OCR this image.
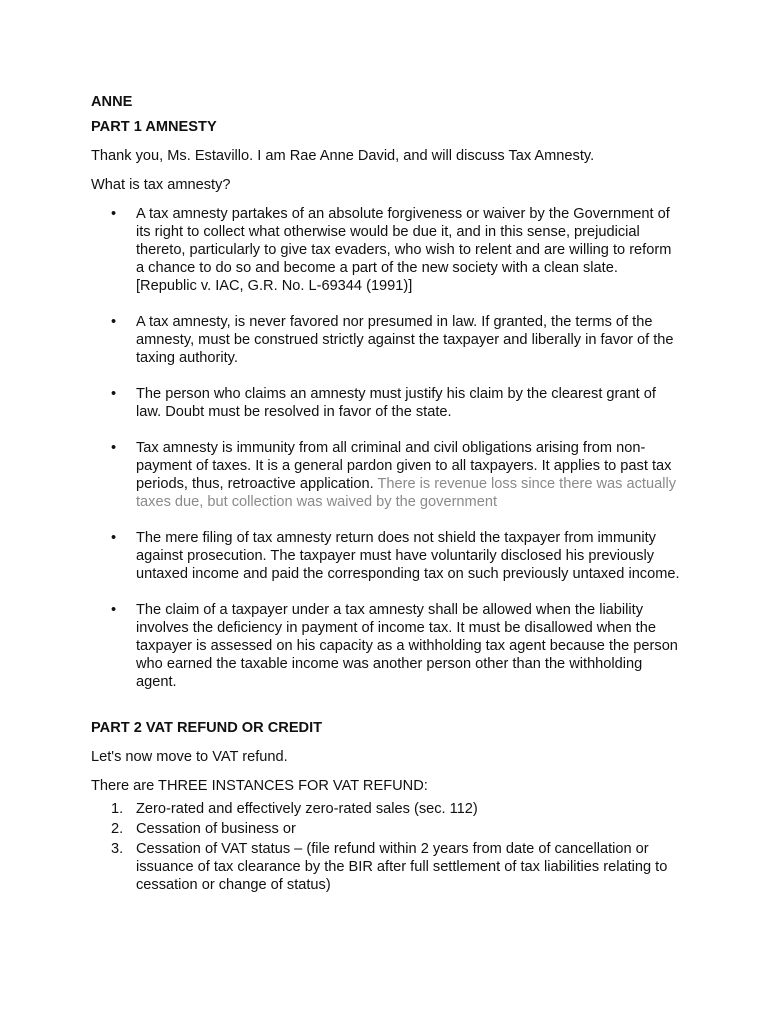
ANNE
PART 1 AMNESTY
Thank you, Ms. Estavillo. I am Rae Anne David, and will discuss Tax Amnesty.
What is tax amnesty?
• A tax amnesty partakes of an absolute forgiveness or waiver by the Government of its right to collect what otherwise would be due it, and in this sense, prejudicial thereto, particularly to give tax evaders, who wish to relent and are willing to reform a chance to do so and become a part of the new society with a clean slate. [Republic v. IAC, G.R. No. L-69344 (1991)]
• A tax amnesty, is never favored nor presumed in law. If granted, the terms of the amnesty, must be construed strictly against the taxpayer and liberally in favor of the taxing authority.
• The person who claims an amnesty must justify his claim by the clearest grant of law. Doubt must be resolved in favor of the state.
• Tax amnesty is immunity from all criminal and civil obligations arising from non-payment of taxes. It is a general pardon given to all taxpayers. It applies to past tax periods, thus, retroactive application. There is revenue loss since there was actually taxes due, but collection was waived by the government
• The mere filing of tax amnesty return does not shield the taxpayer from immunity against prosecution. The taxpayer must have voluntarily disclosed his previously untaxed income and paid the corresponding tax on such previously untaxed income.
• The claim of a taxpayer under a tax amnesty shall be allowed when the liability involves the deficiency in payment of income tax. It must be disallowed when the taxpayer is assessed on his capacity as a withholding tax agent because the person who earned the taxable income was another person other than the withholding agent.
PART 2 VAT REFUND OR CREDIT
Let's now move to VAT refund.
There are THREE INSTANCES FOR VAT REFUND:
1. Zero-rated and effectively zero-rated sales (sec. 112)
2. Cessation of business or
3. Cessation of VAT status – (file refund within 2 years from date of cancellation or issuance of tax clearance by the BIR after full settlement of tax liabilities relating to cessation or change of status)
